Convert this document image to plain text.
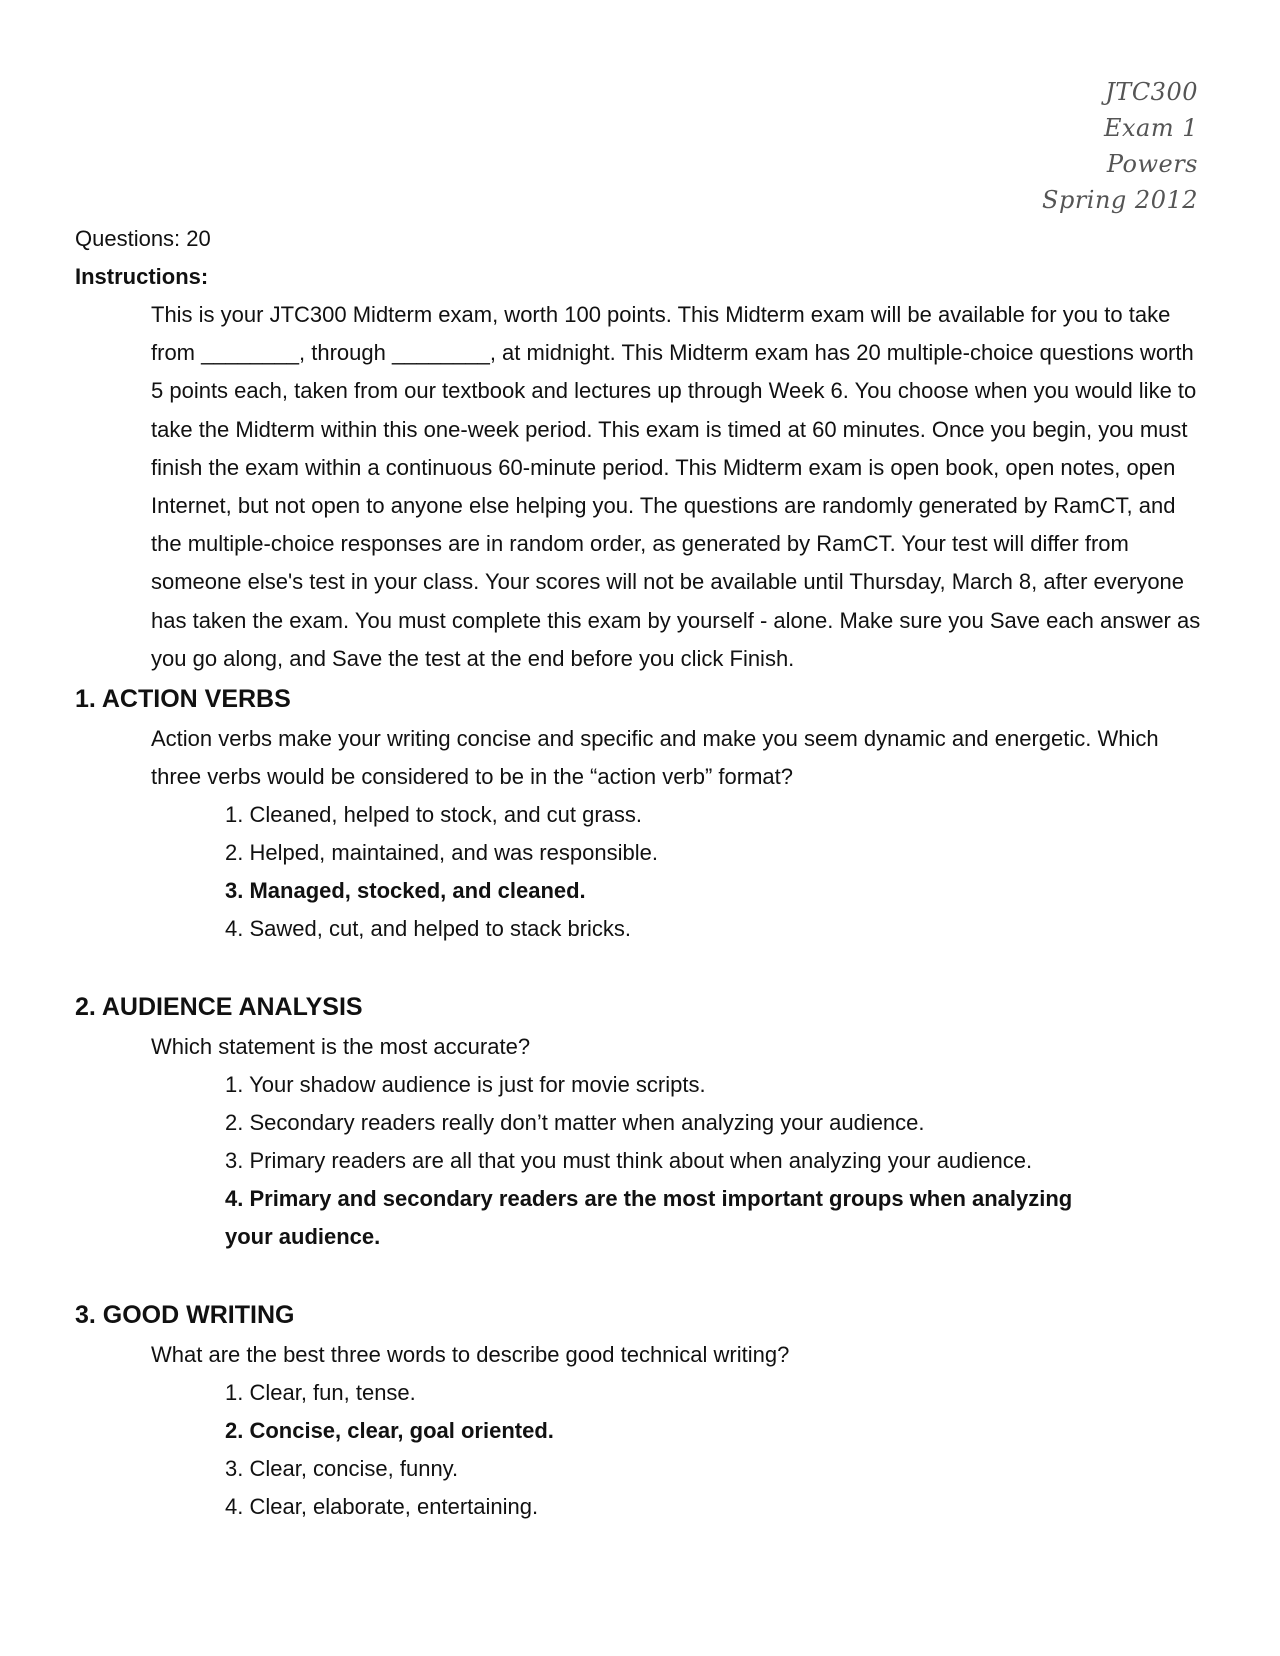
JTC300
Exam 1
Powers
Spring 2012
Questions: 20
Instructions:
This is your JTC300 Midterm exam, worth 100 points. This Midterm exam will be available for you to take from ________, through ________, at midnight. This Midterm exam has 20 multiple-choice questions worth 5 points each, taken from our textbook and lectures up through Week 6. You choose when you would like to take the Midterm within this one-week period. This exam is timed at 60 minutes. Once you begin, you must finish the exam within a continuous 60-minute period. This Midterm exam is open book, open notes, open Internet, but not open to anyone else helping you. The questions are randomly generated by RamCT, and the multiple-choice responses are in random order, as generated by RamCT. Your test will differ from someone else's test in your class. Your scores will not be available until Thursday, March 8, after everyone has taken the exam. You must complete this exam by yourself - alone. Make sure you Save each answer as you go along, and Save the test at the end before you click Finish.
1. ACTION VERBS
Action verbs make your writing concise and specific and make you seem dynamic and energetic. Which three verbs would be considered to be in the “action verb” format?
1. Cleaned, helped to stock, and cut grass.
2. Helped, maintained, and was responsible.
3. Managed, stocked, and cleaned.
4. Sawed, cut, and helped to stack bricks.
2. AUDIENCE ANALYSIS
Which statement is the most accurate?
1. Your shadow audience is just for movie scripts.
2. Secondary readers really don’t matter when analyzing your audience.
3. Primary readers are all that you must think about when analyzing your audience.
4. Primary and secondary readers are the most important groups when analyzing your audience.
3. GOOD WRITING
What are the best three words to describe good technical writing?
1. Clear, fun, tense.
2. Concise, clear, goal oriented.
3. Clear, concise, funny.
4. Clear, elaborate, entertaining.
